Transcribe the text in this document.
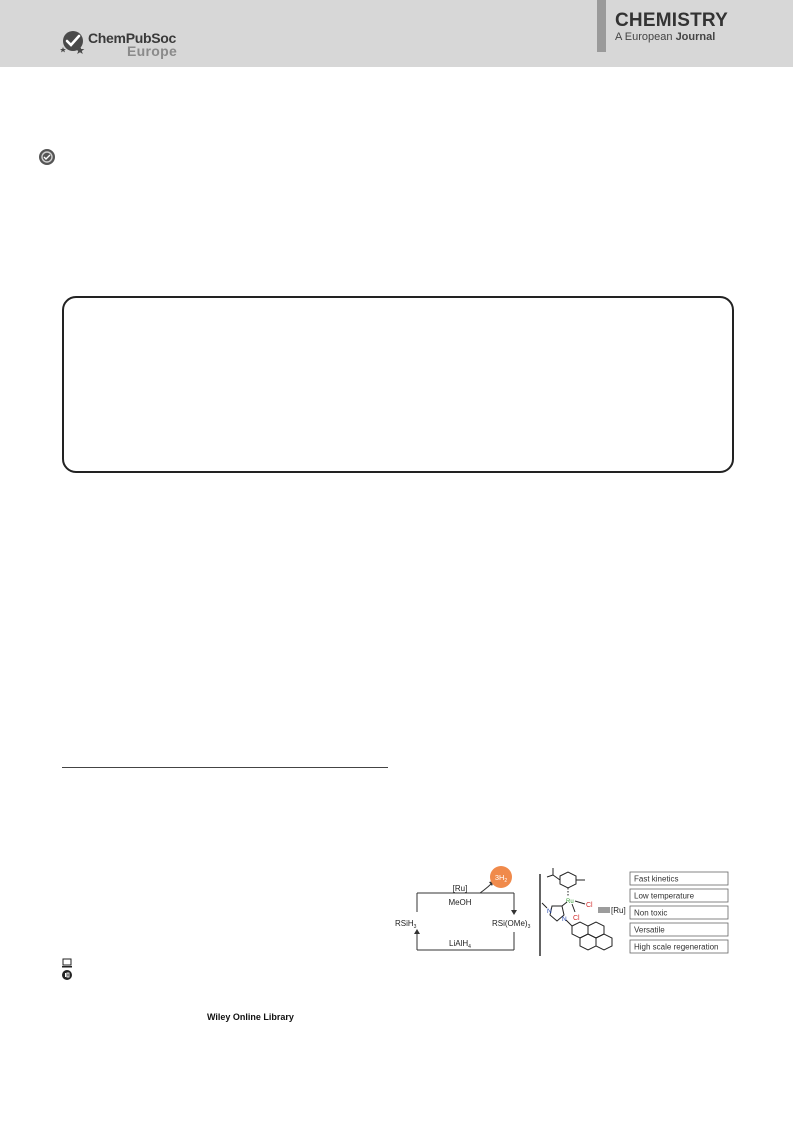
ChemPubSoc
Europe
CHEMISTRY
A European Journal
Wiley Online Library
$3H_2$
[Ru]
MeOH
RSiH$_3$	$RSi(OMe)_3$
LiAlH$_4$
Ru Cl
Cl
N
N
[Ru]
Fast kinetics
Low temperature
Non toxic
Versatile
High scale regeneration
